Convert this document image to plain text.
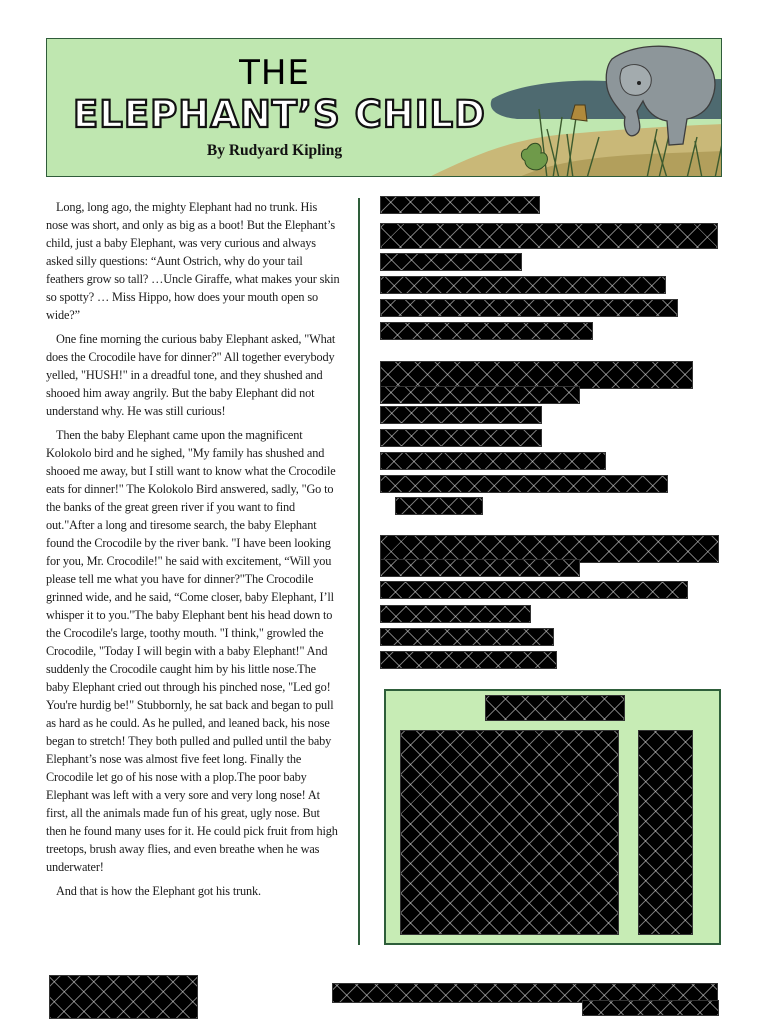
THE
ELEPHANT’S CHILD
By Rudyard Kipling

Long, long ago, the mighty Elephant had no trunk. His nose was short, and only as big as a boot! But the Elephant’s child, just a baby Elephant, was very curious and always asked silly questions: “Aunt Ostrich, why do your tail feathers grow so tall? …Uncle Giraffe, what makes your skin so spotty? … Miss Hippo, how does your mouth open so wide?”

One fine morning the curious baby Elephant asked, "What does the Crocodile have for dinner?" All together everybody yelled, "HUSH!" in a dreadful tone, and they shushed and shooed him away angrily. But the baby Elephant did not understand why. He was still curious!

Then the baby Elephant came upon the magnificent Kolokolo bird and he sighed, "My family has shushed and shooed me away, but I still want to know what the Crocodile eats for dinner!" The Kolokolo Bird answered, sadly, "Go to the banks of the great green river if you want to find out."After a long and tiresome search, the baby Elephant found the Crocodile by the river bank. "I have been looking for you, Mr. Crocodile!" he said with excitement, “Will you please tell me what you have for dinner?"The Crocodile grinned wide, and he said, “Come closer, baby Elephant, I’ll whisper it to you."The baby Elephant bent his head down to the Crocodile's large, toothy mouth. "I think," growled the Crocodile, "Today I will begin with a baby Elephant!" And suddenly the Crocodile caught him by his little nose.The baby Elephant cried out through his pinched nose, "Led go! You're hurdig be!" Stubbornly, he sat back and began to pull as hard as he could. As he pulled, and leaned back, his nose began to stretch! They both pulled and pulled until the baby Elephant’s nose was almost five feet long. Finally the Crocodile let go of his nose with a plop.The poor baby Elephant was left with a very sore and very long nose! At first, all the animals made fun of his great, ugly nose. But then he found many uses for it. He could pick fruit from high treetops, brush away flies, and even breathe when he was underwater!

And that is how the Elephant got his trunk.
